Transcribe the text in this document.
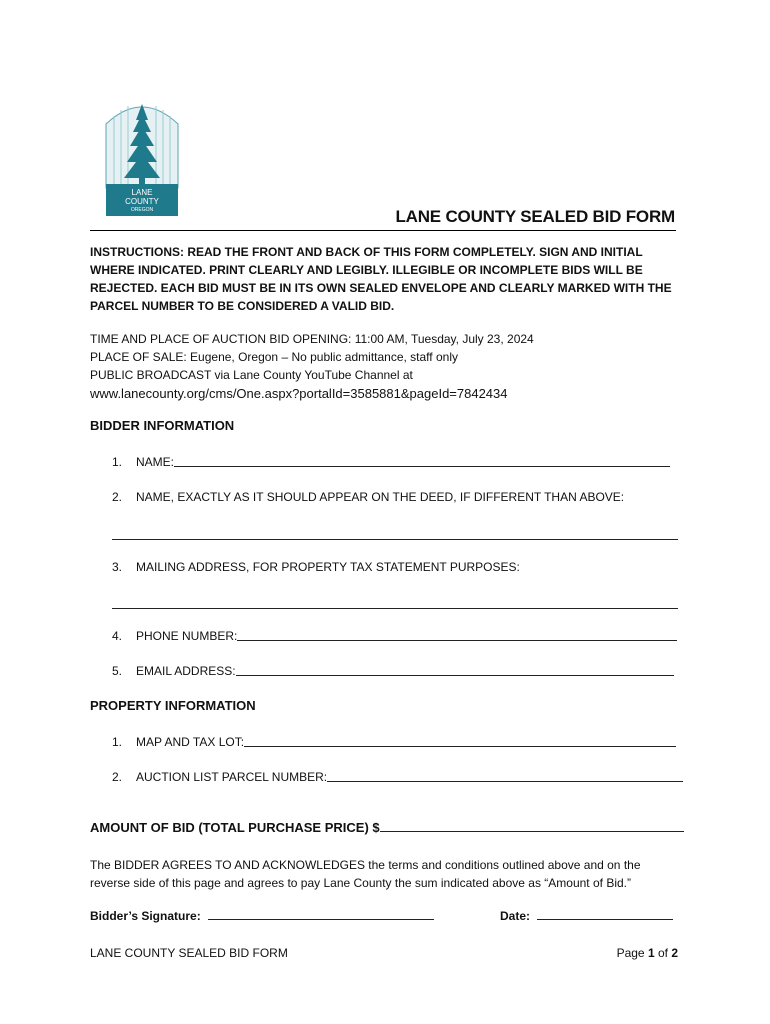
LANE
COUNTY
OREGON	LANE COUNTY SEALED BID FORM

INSTRUCTIONS: READ THE FRONT AND BACK OF THIS FORM COMPLETELY. SIGN AND INITIAL WHERE INDICATED. PRINT CLEARLY AND LEGIBLY. ILLEGIBLE OR INCOMPLETE BIDS WILL BE REJECTED. EACH BID MUST BE IN ITS OWN SEALED ENVELOPE AND CLEARLY MARKED WITH THE PARCEL NUMBER TO BE CONSIDERED A VALID BID.

TIME AND PLACE OF AUCTION BID OPENING: 11:00 AM, Tuesday, July 23, 2024
PLACE OF SALE: Eugene, Oregon – No public admittance, staff only
PUBLIC BROADCAST via Lane County YouTube Channel at
www.lanecounty.org/cms/One.aspx?portalId=3585881&pageId=7842434
BIDDER INFORMATION
1.	NAME:
2.	NAME, EXACTLY AS IT SHOULD APPEAR ON THE DEED, IF DIFFERENT THAN ABOVE:
3.	MAILING ADDRESS, FOR PROPERTY TAX STATEMENT PURPOSES:
4.	PHONE NUMBER:
5.	EMAIL ADDRESS:
PROPERTY INFORMATION
1.	MAP AND TAX LOT:
2.	AUCTION LIST PARCEL NUMBER:
AMOUNT OF BID (TOTAL PURCHASE PRICE) $

The BIDDER AGREES TO AND ACKNOWLEDGES the terms and conditions outlined above and on the reverse side of this page and agrees to pay Lane County the sum indicated above as “Amount of Bid.”

Bidder’s Signature:	Date:
LANE COUNTY SEALED BID FORM	Page 1 of 2
